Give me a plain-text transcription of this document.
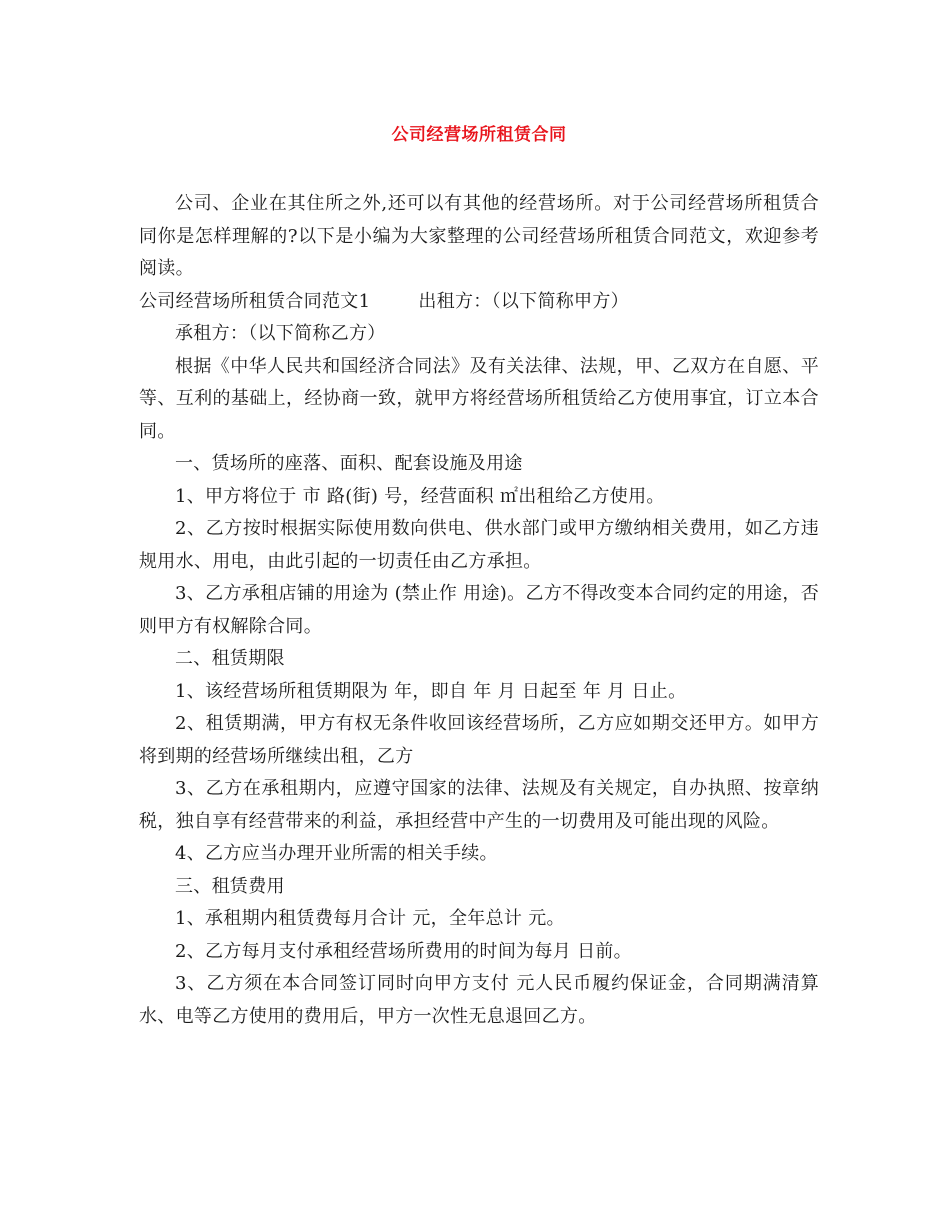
公司经营场所租赁合同

公司、企业在其住所之外,还可以有其他的经营场所。对于公司经营场所租赁合同你是怎样理解的?以下是小编为大家整理的公司经营场所租赁合同范文，欢迎参考阅读。

公司经营场所租赁合同范文1	出租方：（以下简称甲方）

承租方：（以下简称乙方）

根据《中华人民共和国经济合同法》及有关法律、法规，甲、乙双方在自愿、平等、互利的基础上，经协商一致，就甲方将经营场所租赁给乙方使用事宜，订立本合同。

一、赁场所的座落、面积、配套设施及用途

1、甲方将位于 市 路(街) 号，经营面积 ㎡出租给乙方使用。

2、乙方按时根据实际使用数向供电、供水部门或甲方缴纳相关费用，如乙方违规用水、用电，由此引起的一切责任由乙方承担。

3、乙方承租店铺的用途为 (禁止作 用途)。乙方不得改变本合同约定的用途，否则甲方有权解除合同。

二、租赁期限

1、该经营场所租赁期限为 年，即自 年 月 日起至 年 月 日止。

2、租赁期满，甲方有权无条件收回该经营场所，乙方应如期交还甲方。如甲方将到期的经营场所继续出租，乙方

3、乙方在承租期内，应遵守国家的法律、法规及有关规定，自办执照、按章纳税，独自享有经营带来的利益，承担经营中产生的一切费用及可能出现的风险。

4、乙方应当办理开业所需的相关手续。

三、租赁费用

1、承租期内租赁费每月合计 元，全年总计 元。

2、乙方每月支付承租经营场所费用的时间为每月 日前。

3、乙方须在本合同签订同时向甲方支付 元人民币履约保证金，合同期满清算水、电等乙方使用的费用后，甲方一次性无息退回乙方。
